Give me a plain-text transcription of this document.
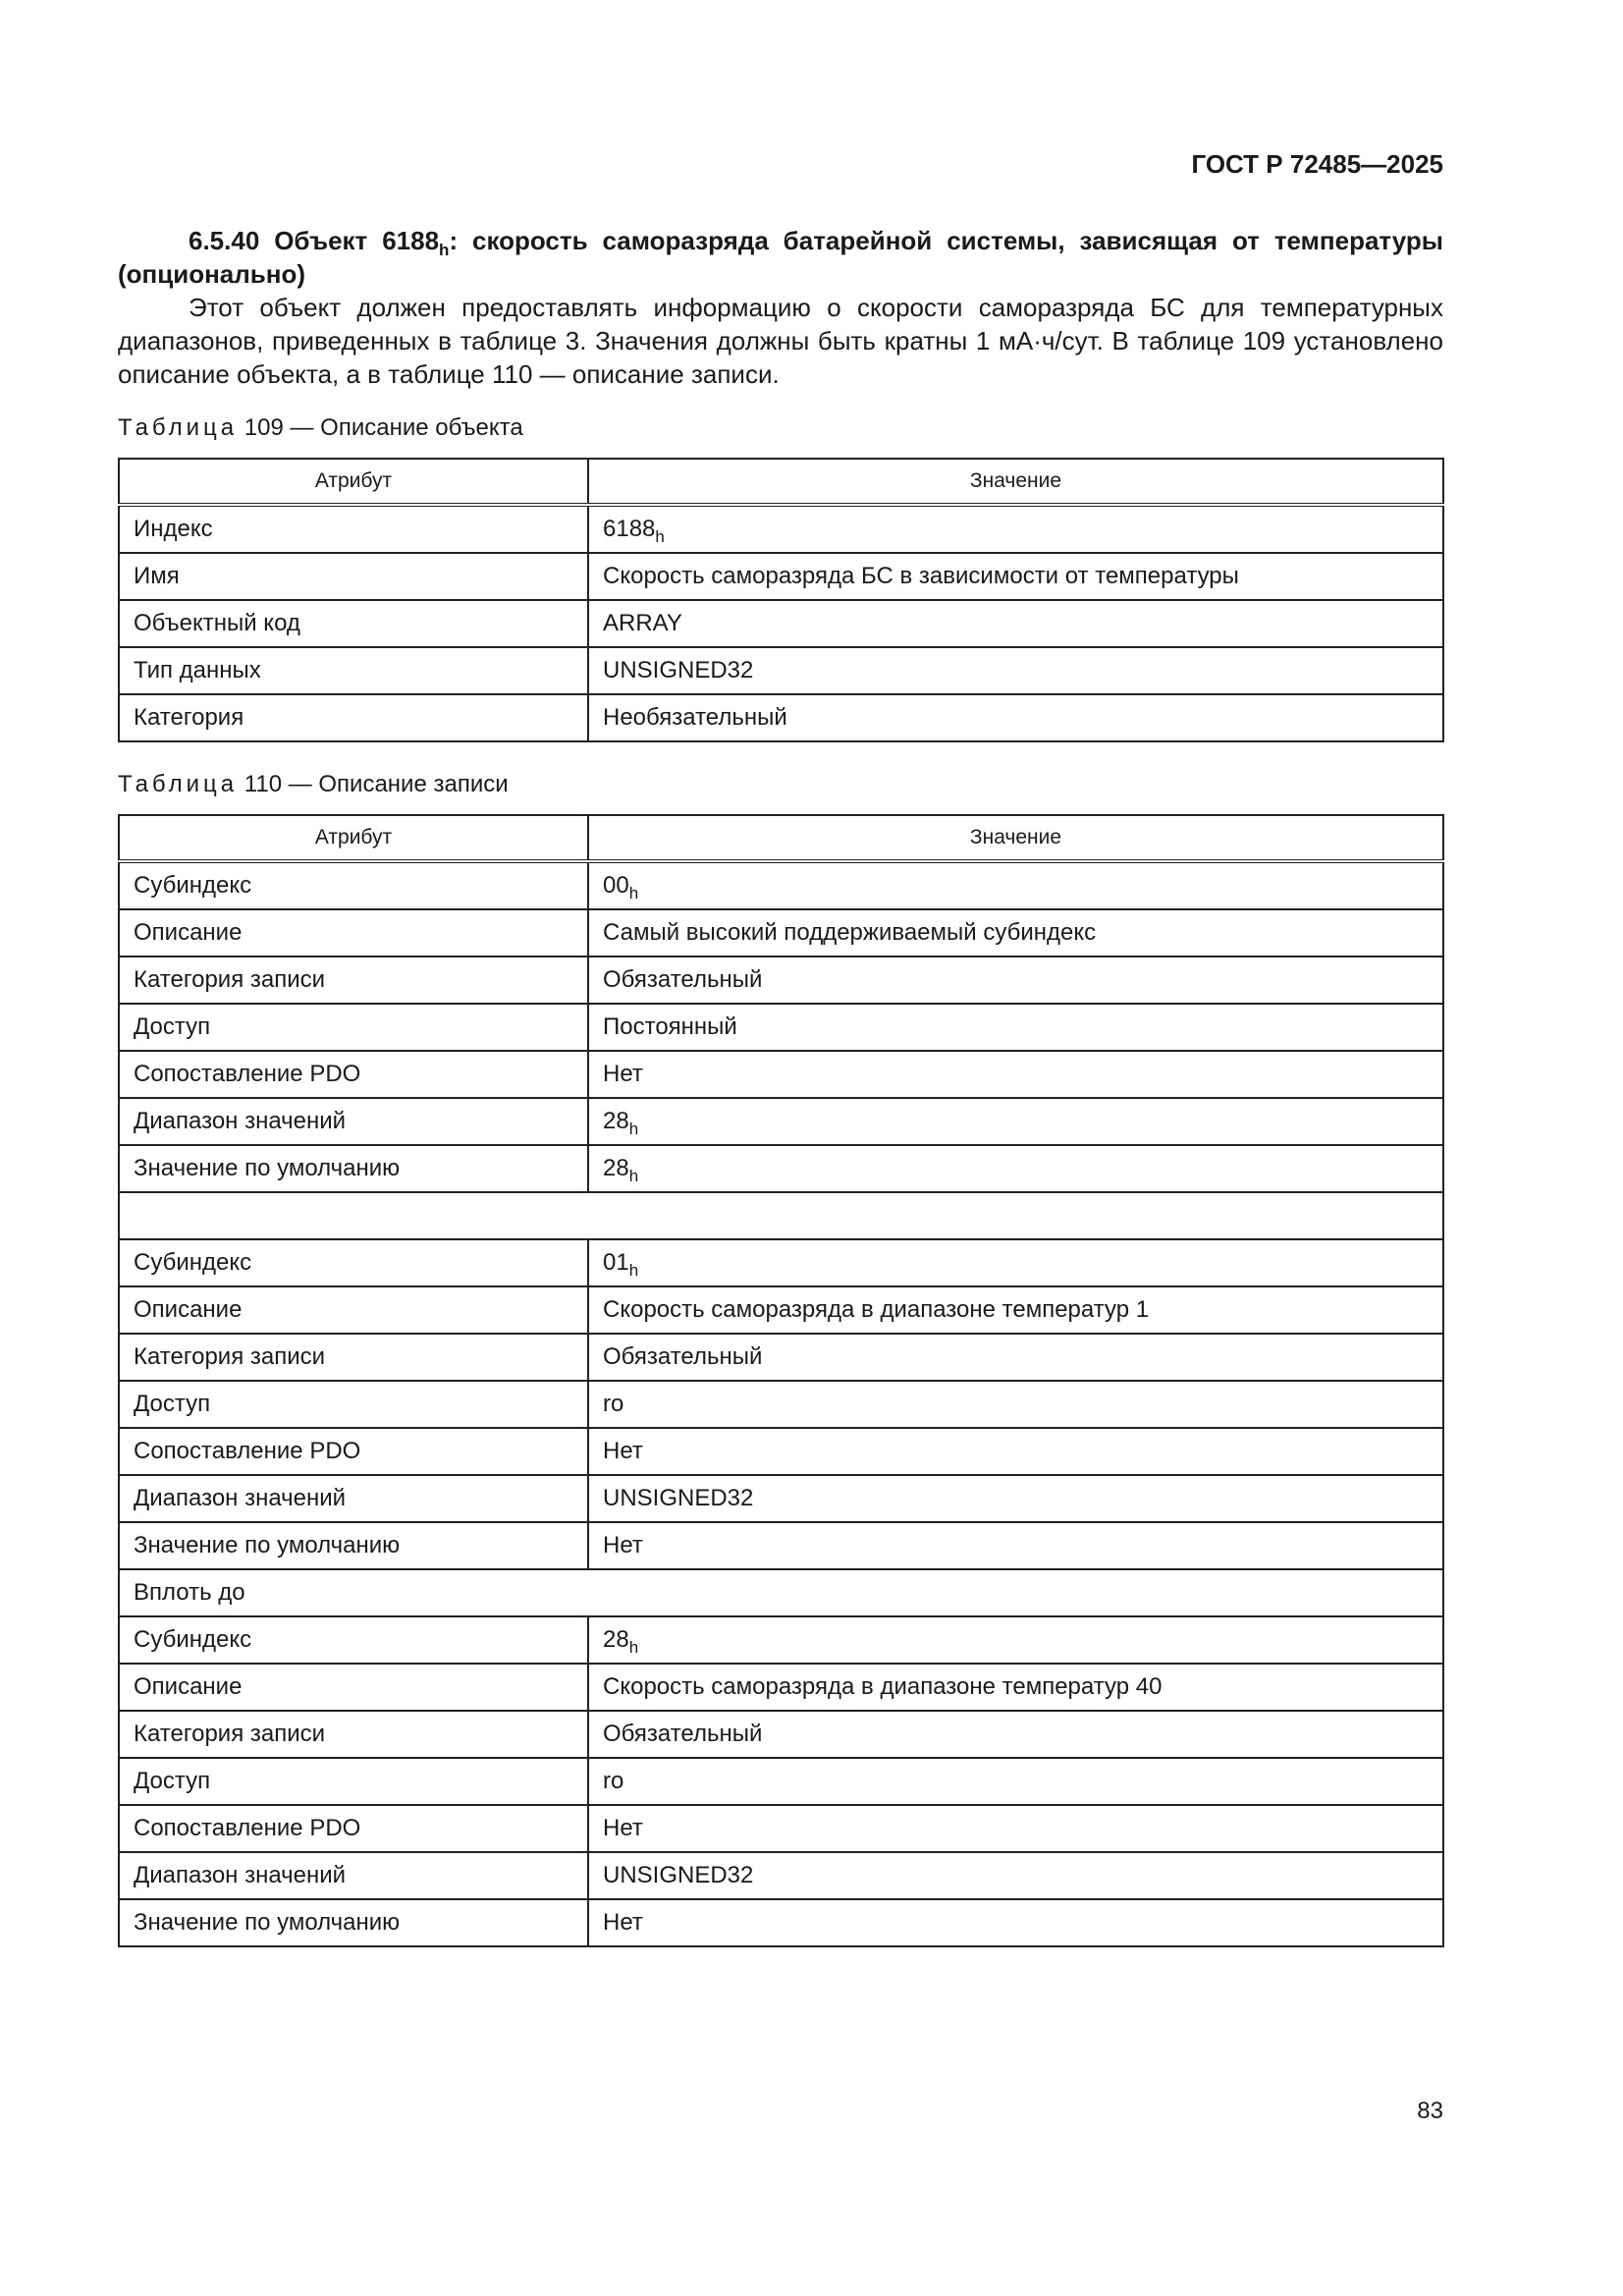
ГОСТ Р 72485—2025

6.5.40 Объект $6188_h$: скорость саморазряда батарейной системы, зависящая от температуры (опционально)

Этот объект должен предоставлять информацию о скорости саморазряда БС для температурных диапазонов, приведенных в таблице 3. Значения должны быть кратны 1 мА·ч/сут. В таблице 109 установлено описание объекта, а в таблице 110 — описание записи.

Таблица 109 — Описание объекта
Атрибут	Значение
Индекс	$6188_h$
Имя	Скорость саморазряда БС в зависимости от температуры
Объектный код	ARRAY
Тип данных	UNSIGNED32
Категория	Необязательный
Таблица 110 — Описание записи
Атрибут	Значение
Субиндекс	$00_h$
Описание	Самый высокий поддерживаемый субиндекс
Категория записи	Обязательный
Доступ	Постоянный
Сопоставление PDO	Нет
Диапазон значений	$28_h$
Значение по умолчанию	$28_h$

Субиндекс	$01_h$
Описание	Скорость саморазряда в диапазоне температур 1
Категория записи	Обязательный
Доступ	ro
Сопоставление PDO	Нет
Диапазон значений	UNSIGNED32
Значение по умолчанию	Нет
Вплоть до	
Субиндекс	$28_h$
Описание	Скорость саморазряда в диапазоне температур 40
Категория записи	Обязательный
Доступ	ro
Сопоставление PDO	Нет
Диапазон значений	UNSIGNED32
Значение по умолчанию	Нет
83
